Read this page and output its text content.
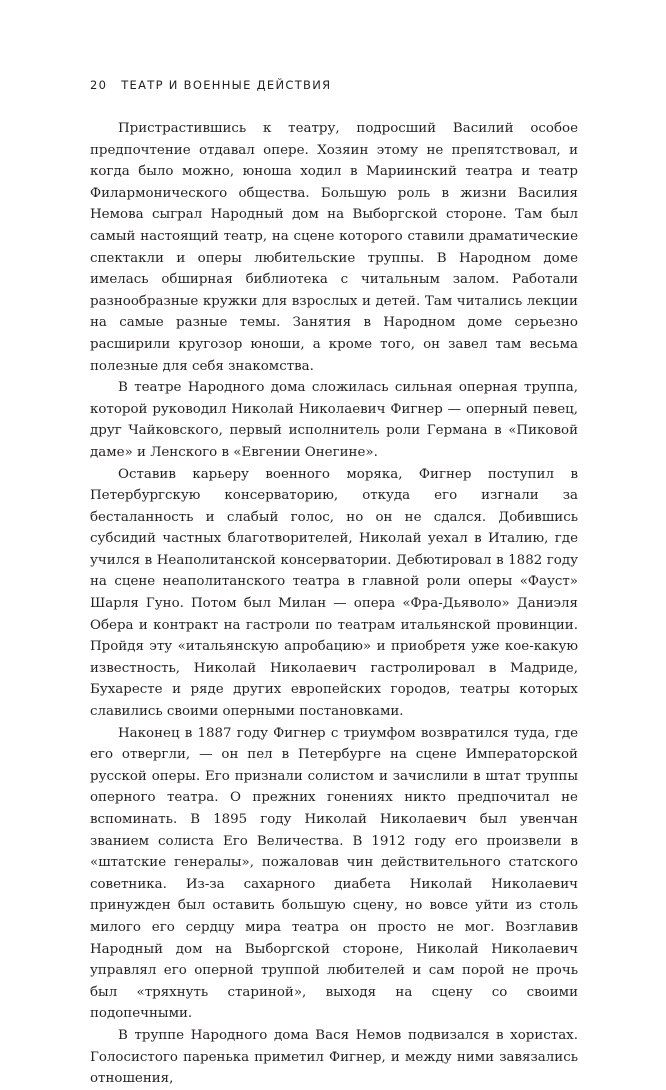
20 ТЕАТР И ВОЕННЫЕ ДЕЙСТВИЯ

Пристрастившись к театру, подросший Василий особое предпочтение отдавал опере. Хозяин этому не препятствовал, и когда было можно, юноша ходил в Мариинский театра и театр Филармонического общества. Большую роль в жизни Василия Немова сыграл Народный дом на Выборгской стороне. Там был самый настоящий театр, на сцене которого ставили драматические спектакли и оперы любительские труппы. В Народном доме имелась обширная библиотека с читальным залом. Работали разнообразные кружки для взрослых и детей. Там читались лекции на самые разные темы. Занятия в Народном доме серьезно расширили кругозор юноши, а кроме того, он завел там весьма полезные для себя знакомства.

В театре Народного дома сложилась сильная оперная труппа, которой руководил Николай Николаевич Фигнер — оперный певец, друг Чайковского, первый исполнитель роли Германа в «Пиковой даме» и Ленского в «Евгении Онегине».

Оставив карьеру военного моряка, Фигнер поступил в Петербургскую консерваторию, откуда его изгнали за бесталанность и слабый голос, но он не сдался. Добившись субсидий частных благотворителей, Николай уехал в Италию, где учился в Неаполитанской консерватории. Дебютировал в 1882 году на сцене неаполитанского театра в главной роли оперы «Фауст» Шарля Гуно. Потом был Милан — опера «Фра-Дьяволо» Даниэля Обера и контракт на гастроли по театрам итальянской провинции. Пройдя эту «итальянскую апробацию» и приобретя уже кое-какую известность, Николай Николаевич гастролировал в Мадриде, Бухаресте и ряде других европейских городов, театры которых славились своими оперными постановками.

Наконец в 1887 году Фигнер с триумфом возвратился туда, где его отвергли, — он пел в Петербурге на сцене Императорской русской оперы. Его признали солистом и зачислили в штат труппы оперного театра. О прежних гонениях никто предпочитал не вспоминать. В 1895 году Николай Николаевич был увенчан званием солиста Его Величества. В 1912 году его произвели в «штатские генералы», пожаловав чин действительного статского советника. Из-за сахарного диабета Николай Николаевич принужден был оставить большую сцену, но вовсе уйти из столь милого его сердцу мира театра он просто не мог. Возглавив Народный дом на Выборгской стороне, Николай Николаевич управлял его оперной труппой любителей и сам порой не прочь был «тряхнуть стариной», выходя на сцену со своими подопечными.

В труппе Народного дома Вася Немов подвизался в хористах. Голосистого паренька приметил Фигнер, и между ними завязались отношения,
